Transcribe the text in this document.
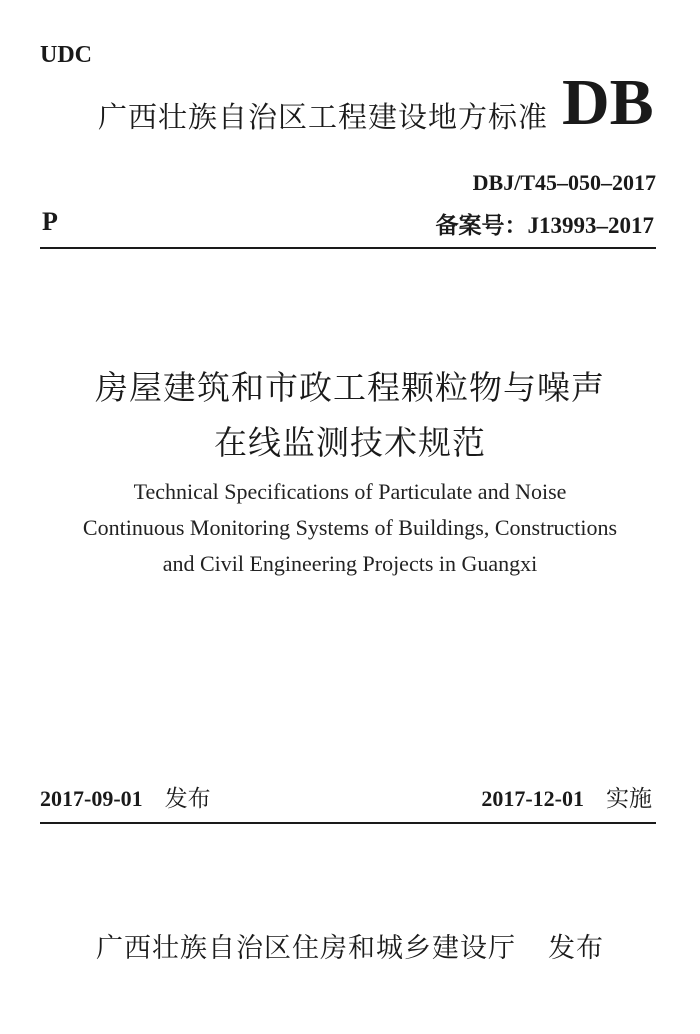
UDC
广西壮族自治区工程建设地方标准 DB
DBJ/T45–050–2017
P	备案号：J13993–2017
房屋建筑和市政工程颗粒物与噪声
在线监测技术规范
Technical Specifications of Particulate and Noise
Continuous Monitoring Systems of Buildings, Constructions
and Civil Engineering Projects in Guangxi
2017-09-01 发布	2017-12-01 实施
广西壮族自治区住房和城乡建设厅 发布
